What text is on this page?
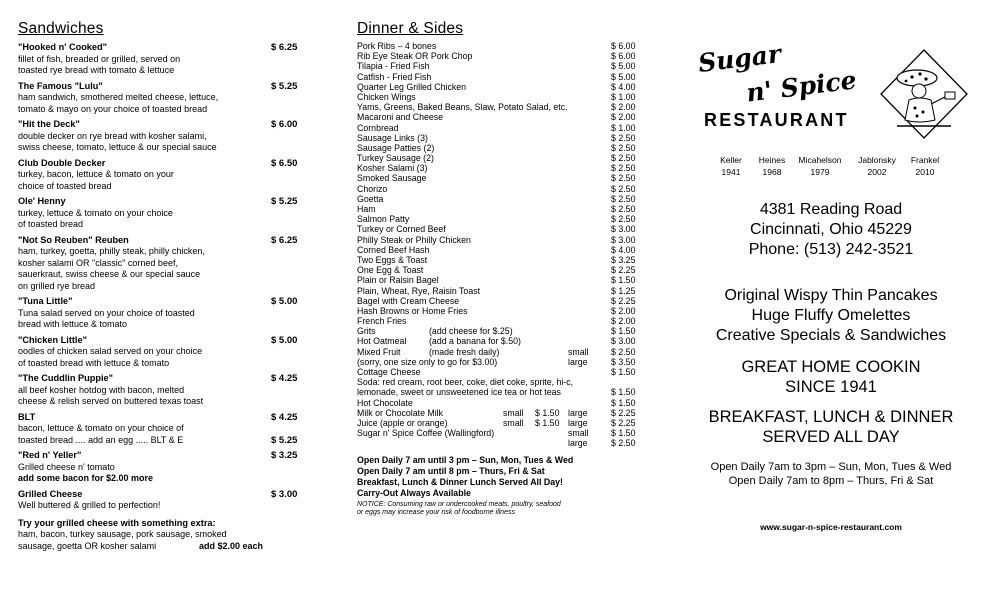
Sandwiches
"Hooked n' Cooked"
fillet of fish, breaded or grilled, served on
toasted rye bread with tomato & lettuce
$ 6.25
The Famous "Lulu"
ham sandwich, smothered melted cheese, lettuce,
tomato & mayo on your choice of toasted bread
$ 5.25
"Hit the Deck"
double decker on rye bread with kosher salami,
swiss cheese, tomato, lettuce & our special sauce
$ 6.00
Club Double Decker
turkey, bacon, lettuce & tomato on your
choice of toasted bread
$ 6.50
Ole' Henny
turkey, lettuce & tomato on your choice
of toasted bread
$ 5.25
"Not So Reuben" Reuben
ham, turkey, goetta, philly steak, philly chicken,
kosher salami OR "classic" corned beef,
sauerkraut, swiss cheese & our special sauce
on grilled rye bread
$ 6.25
"Tuna Little"
Tuna salad served on your choice of toasted
bread with lettuce & tomato
$ 5.00
"Chicken Little"
oodles of chicken salad served on your choice
of toasted bread with lettuce & tomato
$ 5.00
"The Cuddlin Puppie"
all beef kosher hotdog with bacon, melted
cheese & relish served on buttered texas toast
$ 4.25
BLT
bacon, lettuce & tomato on your choice of
toasted bread .... add an egg ..... BLT & E
$ 4.25
$ 5.25
"Red n' Yeller"
Grilled cheese n' tomato
add some bacon for $2.00 more
$ 3.25
Grilled Cheese
Well buttered & grilled to perfection!
$ 3.00
Try your grilled cheese with something extra:
ham, bacon, turkey sausage, pork sausage, smoked
sausage, goetta OR kosher salami	add $2.00 each
Dinner & Sides
Pork Ribs – 4 bones	$ 6.00
Rib Eye Steak OR Pork Chop	$ 6.00
Tilapia - Fried Fish	$ 5.00
Catfish - Fried Fish	$ 5.00
Quarter Leg Grilled Chicken	$ 4.00
Chicken Wings	$ 1.00
Yams, Greens, Baked Beans, Slaw, Potato Salad, etc.	$ 2.00
Macaroni and Cheese	$ 2.00
Cornbread	$ 1.00
Sausage Links (3)	$ 2.50
Sausage Patties (2)	$ 2.50
Turkey Sausage (2)	$ 2.50
Kosher Salami (3)	$ 2.50
Smoked Sausage	$ 2.50
Chorizo	$ 2.50
Goetta	$ 2.50
Ham	$ 2.50
Salmon Patty	$ 2.50
Turkey or Corned Beef	$ 3.00
Philly Steak or Philly Chicken	$ 3.00
Corned Beef Hash	$ 4.00
Two Eggs & Toast	$ 3.25
One Egg & Toast	$ 2.25
Plain or Raisin Bagel	$ 1.50
Plain, Wheat, Rye, Raisin Toast	$ 1.25
Bagel with Cream Cheese	$ 2.25
Hash Browns or Home Fries	$ 2.00
French Fries	$ 2.00
Grits	(add cheese for $.25)	$ 1.50
Hot Oatmeal	(add a banana for $.50)	$ 3.00
Mixed Fruit	(made fresh daily)	small	$ 2.50
(sorry, one size only to go for $3.00)	large	$ 3.50
Cottage Cheese	$ 1.50
Soda: red cream, root beer, coke, diet coke, sprite, hi-c,
lemonade, sweet or unsweetened ice tea or hot teas	$ 1.50
Hot Chocolate	$ 1.50
Milk or Chocolate Milk	small $ 1.50 large	$ 2.25
Juice (apple or orange)	small $ 1.50 large	$ 2.25
Sugar n' Spice Coffee (Wallingford)	small	$ 1.50
large	$ 2.50
Open Daily 7 am until 3 pm – Sun, Mon, Tues & Wed
Open Daily 7 am until 8 pm – Thurs, Fri & Sat
Breakfast, Lunch & Dinner Lunch Served All Day!
Carry-Out Always Available
NOTICE: Consuming raw or undercooked meats, poultry, seafood
or eggs may increase your risk of foodborne illness
Sugar
n' Spice
RESTAURANT
Keller
1941
Heines
1968
Micahelson
1979
Jablonsky
2002
Frankel
2010
4381 Reading Road
Cincinnati, Ohio 45229
Phone: (513) 242-3521
Original Wispy Thin Pancakes
Huge Fluffy Omelettes
Creative Specials & Sandwiches
GREAT HOME COOKIN
SINCE 1941
BREAKFAST, LUNCH & DINNER
SERVED ALL DAY
Open Daily 7am to 3pm – Sun, Mon, Tues & Wed
Open Daily 7am to 8pm – Thurs, Fri & Sat
www.sugar-n-spice-restaurant.com
